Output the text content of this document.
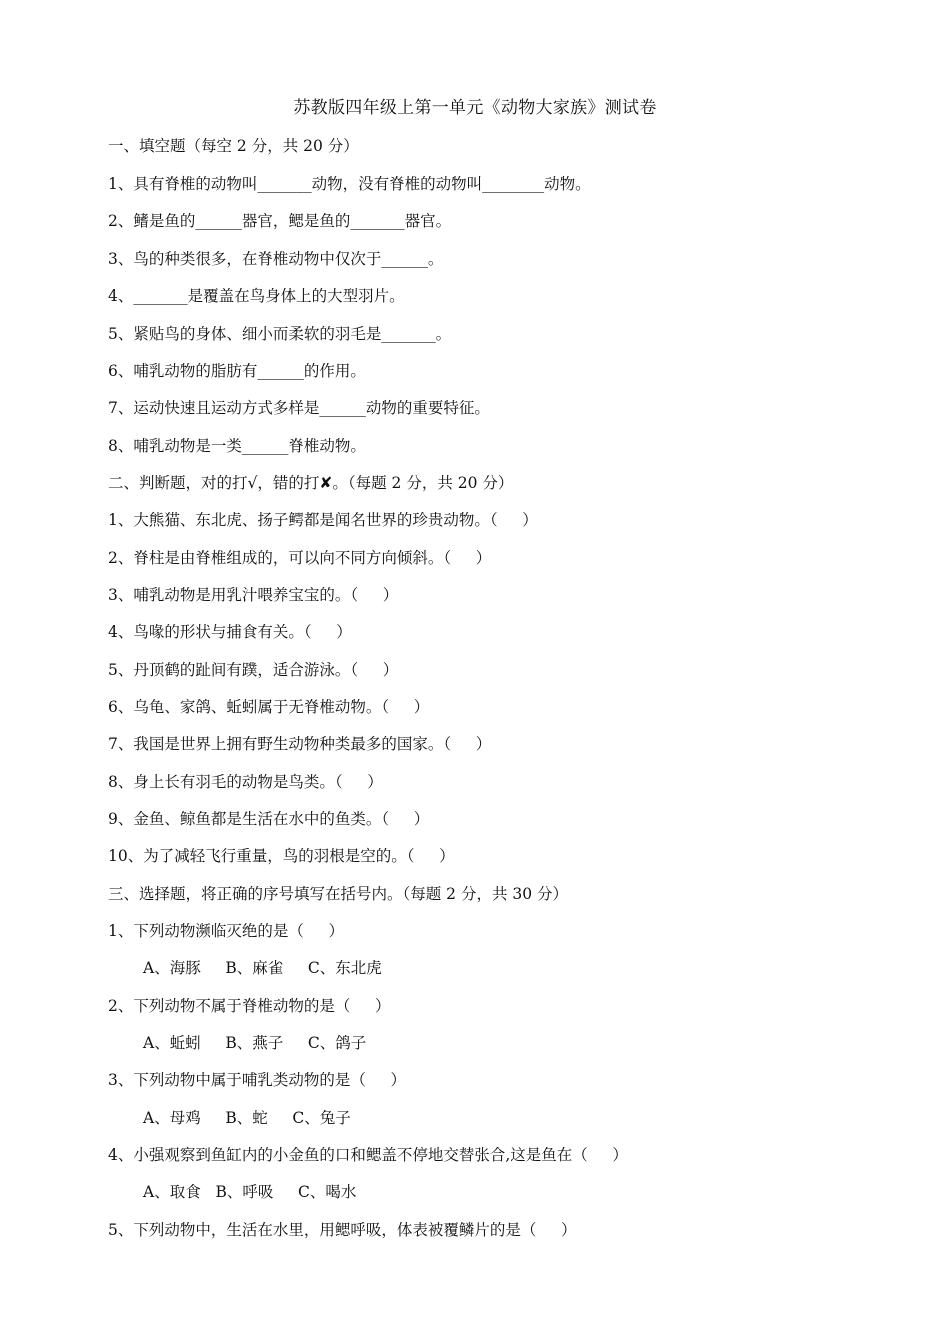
苏教版四年级上第一单元《动物大家族》测试卷
一、填空题（每空 2 分，共 20 分）
1、具有脊椎的动物叫_______动物，没有脊椎的动物叫________动物。
2、鳍是鱼的______器官，鳃是鱼的_______器官。
3、鸟的种类很多，在脊椎动物中仅次于______。
4、_______是覆盖在鸟身体上的大型羽片。
5、紧贴鸟的身体、细小而柔软的羽毛是_______。
6、哺乳动物的脂肪有______的作用。
7、运动快速且运动方式多样是______动物的重要特征。
8、哺乳动物是一类______脊椎动物。
二、判断题，对的打√，错的打✘。（每题 2 分，共 20 分）
1、大熊猫、东北虎、扬子鳄都是闻名世界的珍贵动物。（     ）
2、脊柱是由脊椎组成的，可以向不同方向倾斜。（     ）
3、哺乳动物是用乳汁喂养宝宝的。（     ）
4、鸟喙的形状与捕食有关。（     ）
5、丹顶鹤的趾间有蹼，适合游泳。（     ）
6、乌龟、家鸽、蚯蚓属于无脊椎动物。（     ）
7、我国是世界上拥有野生动物种类最多的国家。（     ）
8、身上长有羽毛的动物是鸟类。（     ）
9、金鱼、鲸鱼都是生活在水中的鱼类。（     ）
10、为了减轻飞行重量，鸟的羽根是空的。（     ）
三、选择题，将正确的序号填写在括号内。（每题 2 分，共 30 分）
1、下列动物濒临灭绝的是（     ）
A、海豚     B、麻雀     C、东北虎
2、下列动物不属于脊椎动物的是（     ）
A、蚯蚓     B、燕子     C、鸽子
3、下列动物中属于哺乳类动物的是（     ）
A、母鸡     B、蛇     C、兔子
4、小强观察到鱼缸内的小金鱼的口和鳃盖不停地交替张合,这是鱼在（     ）
A、取食   B、呼吸     C、喝水
5、下列动物中，生活在水里，用鳃呼吸，体表被覆鳞片的是（     ）
